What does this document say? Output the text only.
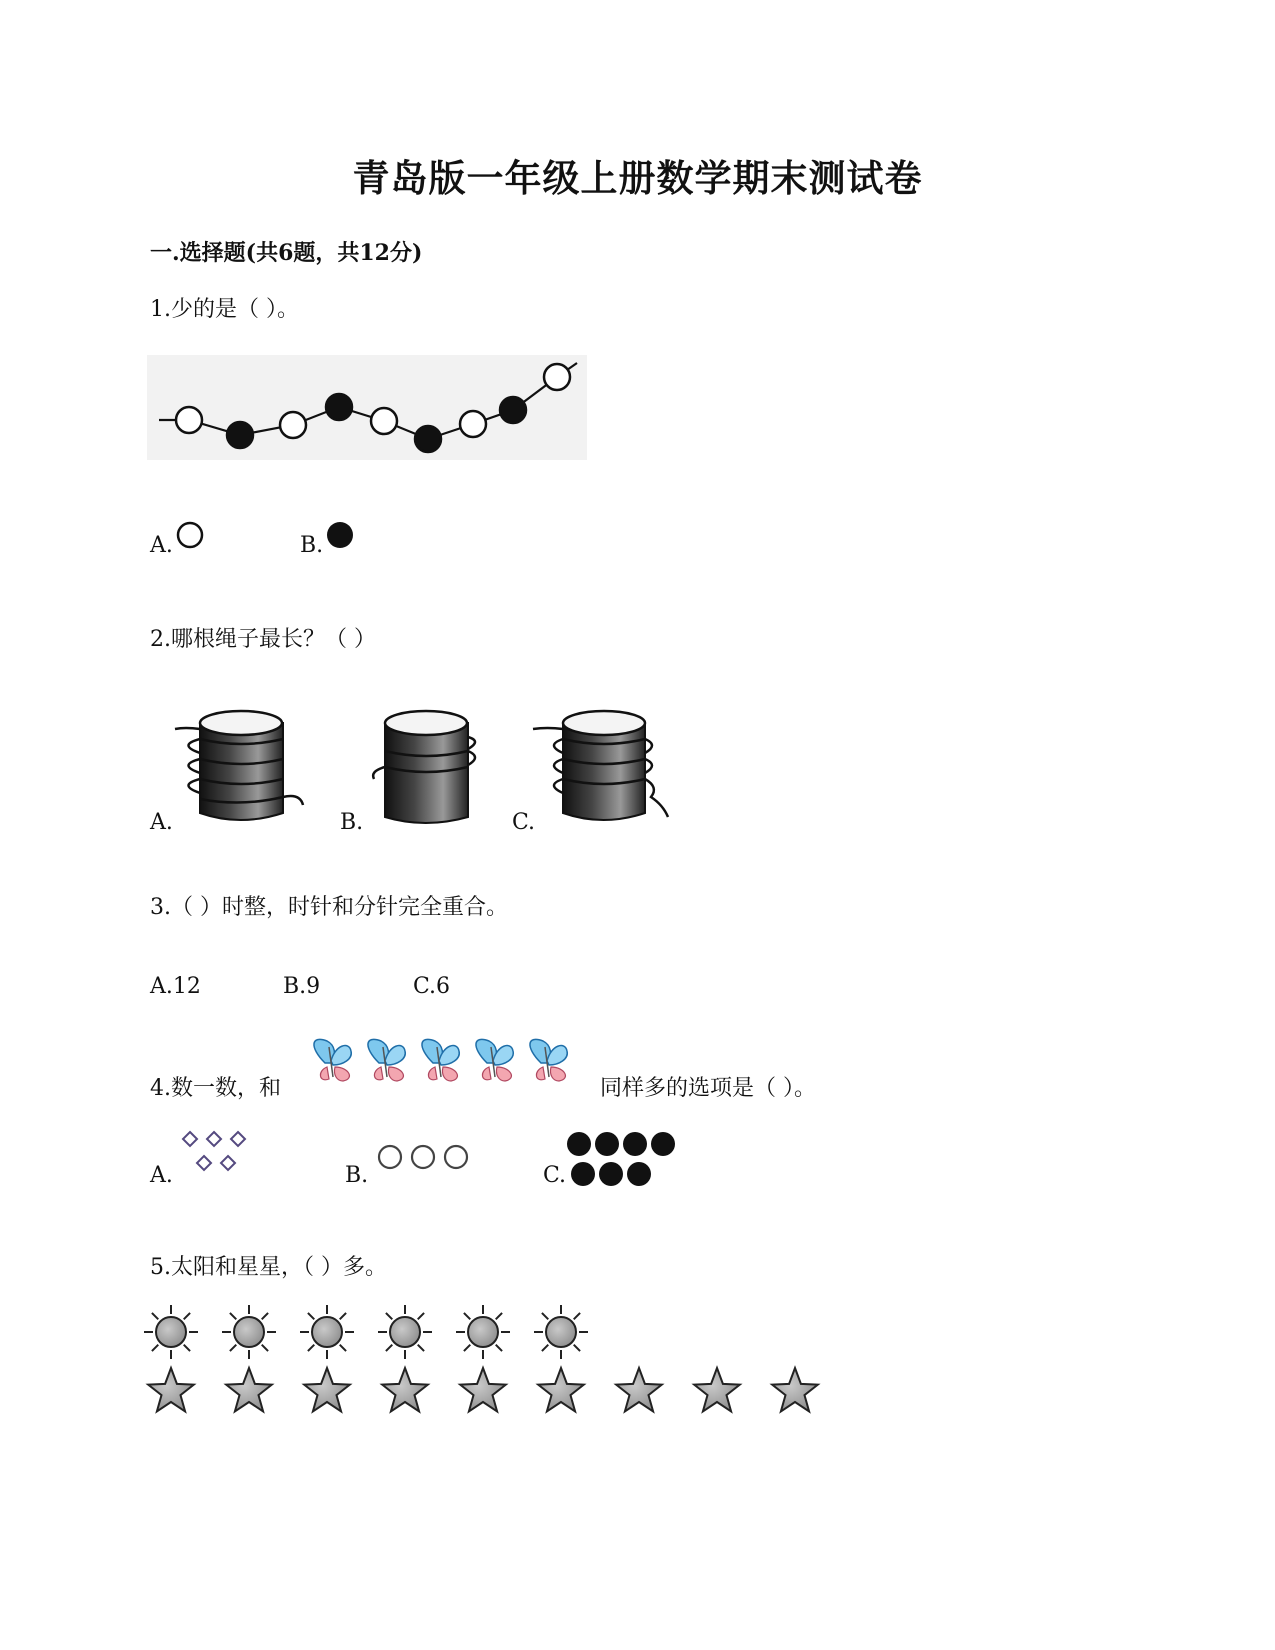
青岛版一年级上册数学期末测试卷
一.选择题(共6题，共12分)
1.少的是（ ）。
A.	B.
2.哪根绳子最长？（ ）
A.	B.	C.
3.（ ）时整，时针和分针完全重合。
A.12	B.9	C.6
4.数一数，和	同样多的选项是（ ）。
A.	B.	C.
5.太阳和星星，（ ）多。
